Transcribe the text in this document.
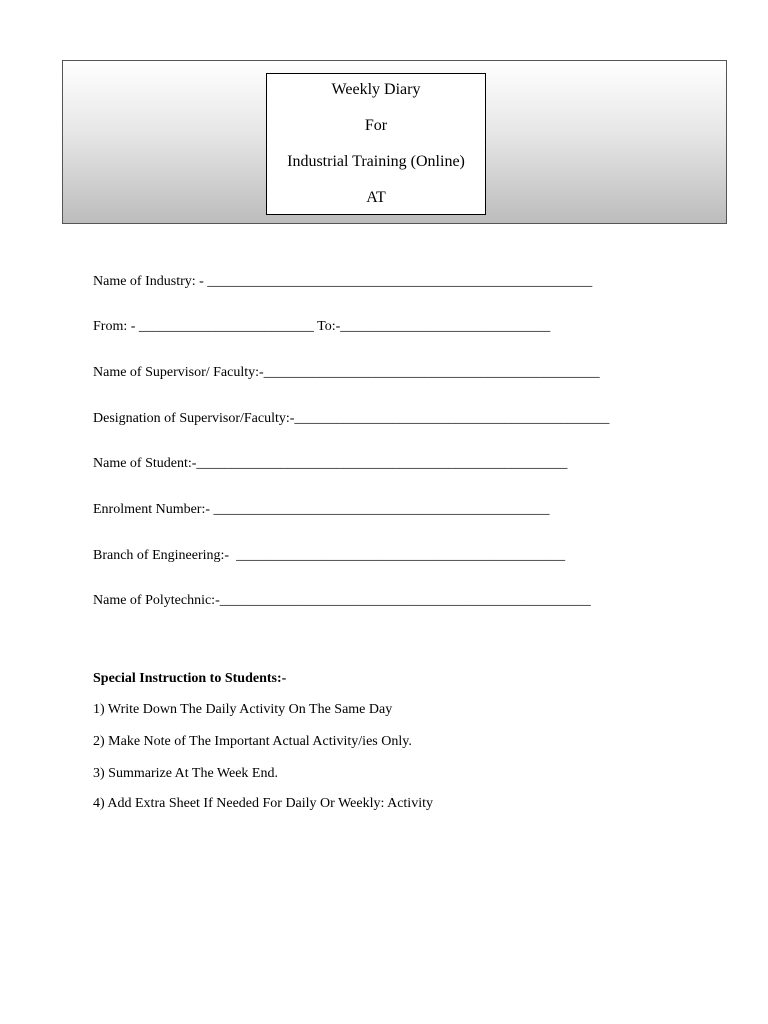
Weekly Diary
For
Industrial Training (Online)
AT
Name of Industry: - _______________________________________________________
From: - _________________________ To:-______________________________
Name of Supervisor/ Faculty:-________________________________________________
Designation of Supervisor/Faculty:-_____________________________________________
Name of Student:-_____________________________________________________
Enrolment Number:- ________________________________________________
Branch of Engineering:-  _______________________________________________
Name of Polytechnic:-_____________________________________________________
Special Instruction to Students:-
1) Write Down The Daily Activity On The Same Day
2) Make Note of The Important Actual Activity/ies Only.
3) Summarize At The Week End.
4) Add Extra Sheet If Needed For Daily Or Weekly: Activity
